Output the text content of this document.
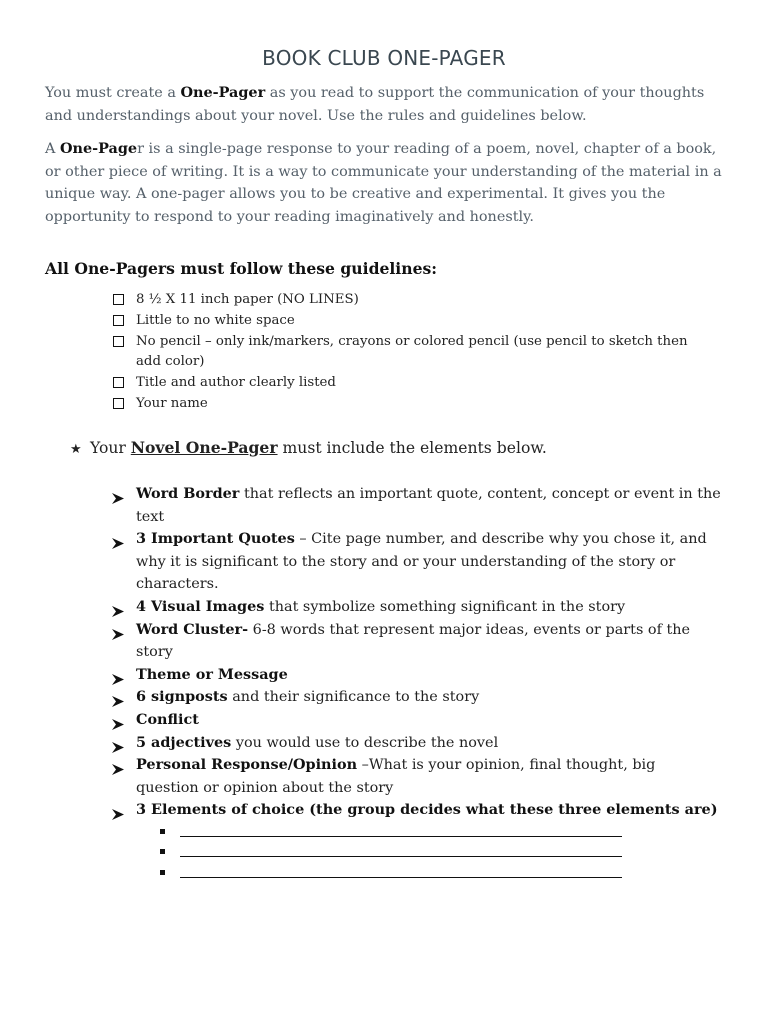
BOOK CLUB ONE-PAGER

You must create a One-Pager as you read to support the communication of your thoughts and understandings about your novel. Use the rules and guidelines below.

A One-Pager is a single-page response to your reading of a poem, novel, chapter of a book, or other piece of writing. It is a way to communicate your understanding of the material in a unique way. A one-pager allows you to be creative and experimental. It gives you the opportunity to respond to your reading imaginatively and honestly.

All One-Pagers must follow these guidelines:
8 ½ X 11 inch paper (NO LINES)
Little to no white space
No pencil – only ink/markers, crayons or colored pencil (use pencil to sketch then add color)
Title and author clearly listed
Your name
★ Your Novel One-Pager must include the elements below.
Word Border that reflects an important quote, content, concept or event in the text
3 Important Quotes – Cite page number, and describe why you chose it, and why it is significant to the story and or your understanding of the story or characters.
4 Visual Images that symbolize something significant in the story
Word Cluster- 6-8 words that represent major ideas, events or parts of the story
Theme or Message
6 signposts and their significance to the story
Conflict
5 adjectives you would use to describe the novel
Personal Response/Opinion –What is your opinion, final thought, big question or opinion about the story
3 Elements of choice (the group decides what these three elements are)
